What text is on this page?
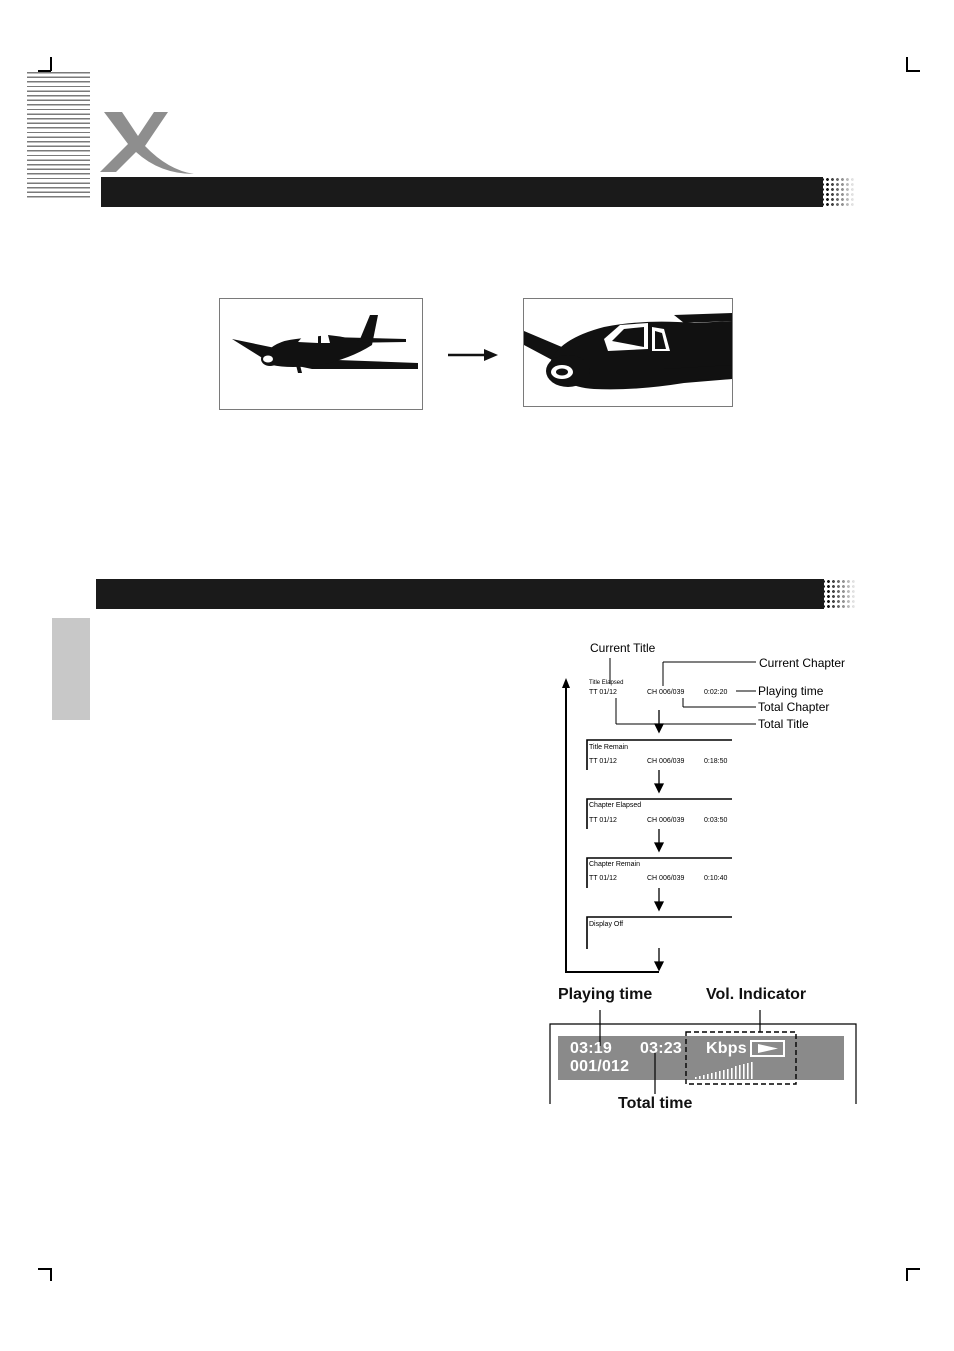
Current Title
Current Chapter
Playing time
Total Chapter
Total Title
Title Elapsed
TT 01/12	CH 006/039	0:02:20
Title Remain
TT 01/12	CH 006/039	0:18:50
Chapter Elapsed
TT 01/12	CH 006/039	0:03:50
Chapter Remain
TT 01/12	CH 006/039	0:10:40
Display Off
Playing time	Vol. Indicator
03:19 03:23
001/012
Kbps
Total time
